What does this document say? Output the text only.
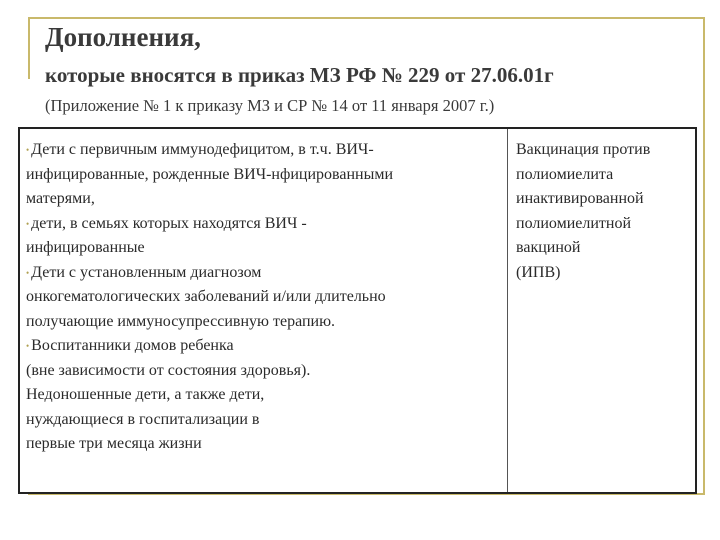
Дополнения,
которые вносятся в приказ МЗ РФ № 229 от 27.06.01г

(Приложение № 1 к приказу МЗ и СР № 14 от 11 января 2007 г.)

• Дети с первичным иммунодефицитом, в т.ч. ВИЧ-
инфицированные, рожденные ВИЧ-нфицированными
матерями,
• дети, в семьях которых находятся ВИЧ -
инфицированные
• Дети с установленным диагнозом
онкогематологических заболеваний и/или длительно
получающие иммуносупрессивную терапию.
• Воспитанники домов ребенка
(вне зависимости от состояния здоровья).
Недоношенные дети, а также дети,
нуждающиеся в госпитализации в
первые три месяца жизни
Вакцинация против
полиомиелита
инактивированной
полиомиелитной
вакциной
(ИПВ)
